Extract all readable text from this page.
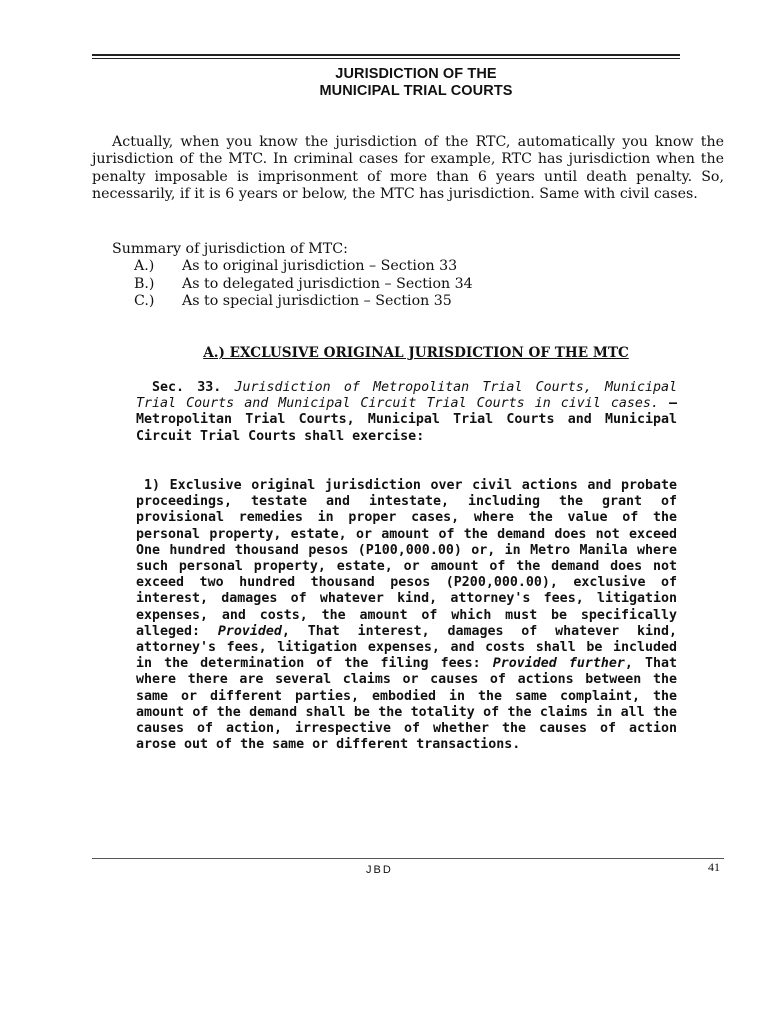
JURISDICTION OF THE
MUNICIPAL TRIAL COURTS

Actually, when you know the jurisdiction of the RTC, automatically you know the jurisdiction of the MTC. In criminal cases for example, RTC has jurisdiction when the penalty imposable is imprisonment of more than 6 years until death penalty. So, necessarily, if it is 6 years or below, the MTC has jurisdiction. Same with civil cases.

Summary of jurisdiction of MTC:
A.)	As to original jurisdiction – Section 33
B.)	As to delegated jurisdiction – Section 34
C.)	As to special jurisdiction – Section 35
A.) EXCLUSIVE ORIGINAL JURISDICTION OF THE MTC

Sec. 33. Jurisdiction of Metropolitan Trial Courts, Municipal Trial Courts and Municipal Circuit Trial Courts in civil cases. – Metropolitan Trial Courts, Municipal Trial Courts and Municipal Circuit Trial Courts shall exercise:

1) Exclusive original jurisdiction over civil actions and probate proceedings, testate and intestate, including the grant of provisional remedies in proper cases, where the value of the personal property, estate, or amount of the demand does not exceed One hundred thousand pesos (P100,000.00) or, in Metro Manila where such personal property, estate, or amount of the demand does not exceed two hundred thousand pesos (P200,000.00), exclusive of interest, damages of whatever kind, attorney's fees, litigation expenses, and costs, the amount of which must be specifically alleged: Provided, That interest, damages of whatever kind, attorney's fees, litigation expenses, and costs shall be included in the determination of the filing fees: Provided further, That where there are several claims or causes of actions between the same or different parties, embodied in the same complaint, the amount of the demand shall be the totality of the claims in all the causes of action, irrespective of whether the causes of action arose out of the same or different transactions.

JBD	41
